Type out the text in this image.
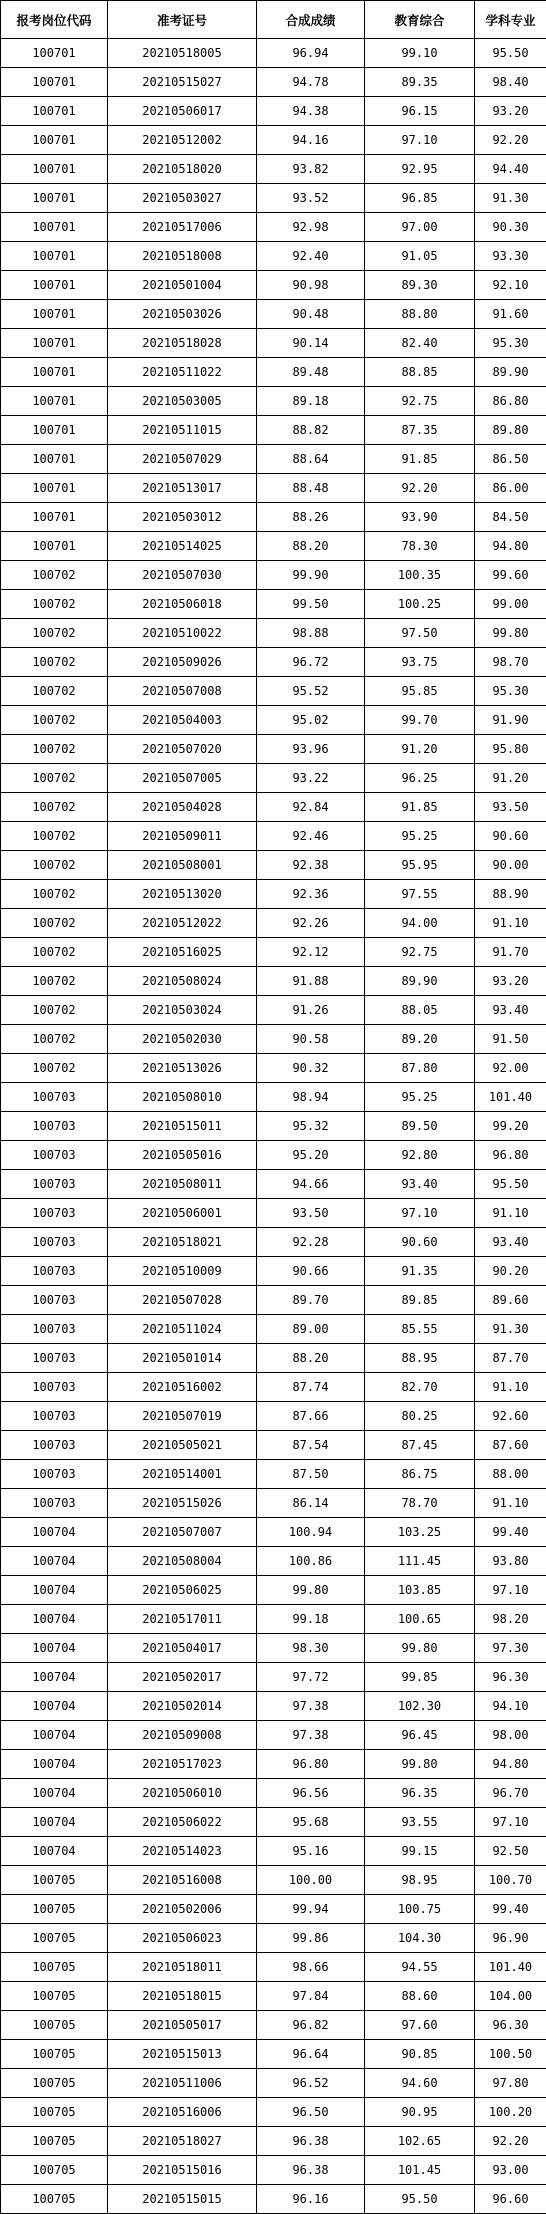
报考岗位代码	准考证号	合成成绩	教育综合	学科专业
100701	20210518005	96.94	99.10	95.50
100701	20210515027	94.78	89.35	98.40
100701	20210506017	94.38	96.15	93.20
100701	20210512002	94.16	97.10	92.20
100701	20210518020	93.82	92.95	94.40
100701	20210503027	93.52	96.85	91.30
100701	20210517006	92.98	97.00	90.30
100701	20210518008	92.40	91.05	93.30
100701	20210501004	90.98	89.30	92.10
100701	20210503026	90.48	88.80	91.60
100701	20210518028	90.14	82.40	95.30
100701	20210511022	89.48	88.85	89.90
100701	20210503005	89.18	92.75	86.80
100701	20210511015	88.82	87.35	89.80
100701	20210507029	88.64	91.85	86.50
100701	20210513017	88.48	92.20	86.00
100701	20210503012	88.26	93.90	84.50
100701	20210514025	88.20	78.30	94.80
100702	20210507030	99.90	100.35	99.60
100702	20210506018	99.50	100.25	99.00
100702	20210510022	98.88	97.50	99.80
100702	20210509026	96.72	93.75	98.70
100702	20210507008	95.52	95.85	95.30
100702	20210504003	95.02	99.70	91.90
100702	20210507020	93.96	91.20	95.80
100702	20210507005	93.22	96.25	91.20
100702	20210504028	92.84	91.85	93.50
100702	20210509011	92.46	95.25	90.60
100702	20210508001	92.38	95.95	90.00
100702	20210513020	92.36	97.55	88.90
100702	20210512022	92.26	94.00	91.10
100702	20210516025	92.12	92.75	91.70
100702	20210508024	91.88	89.90	93.20
100702	20210503024	91.26	88.05	93.40
100702	20210502030	90.58	89.20	91.50
100702	20210513026	90.32	87.80	92.00
100703	20210508010	98.94	95.25	101.40
100703	20210515011	95.32	89.50	99.20
100703	20210505016	95.20	92.80	96.80
100703	20210508011	94.66	93.40	95.50
100703	20210506001	93.50	97.10	91.10
100703	20210518021	92.28	90.60	93.40
100703	20210510009	90.66	91.35	90.20
100703	20210507028	89.70	89.85	89.60
100703	20210511024	89.00	85.55	91.30
100703	20210501014	88.20	88.95	87.70
100703	20210516002	87.74	82.70	91.10
100703	20210507019	87.66	80.25	92.60
100703	20210505021	87.54	87.45	87.60
100703	20210514001	87.50	86.75	88.00
100703	20210515026	86.14	78.70	91.10
100704	20210507007	100.94	103.25	99.40
100704	20210508004	100.86	111.45	93.80
100704	20210506025	99.80	103.85	97.10
100704	20210517011	99.18	100.65	98.20
100704	20210504017	98.30	99.80	97.30
100704	20210502017	97.72	99.85	96.30
100704	20210502014	97.38	102.30	94.10
100704	20210509008	97.38	96.45	98.00
100704	20210517023	96.80	99.80	94.80
100704	20210506010	96.56	96.35	96.70
100704	20210506022	95.68	93.55	97.10
100704	20210514023	95.16	99.15	92.50
100705	20210516008	100.00	98.95	100.70
100705	20210502006	99.94	100.75	99.40
100705	20210506023	99.86	104.30	96.90
100705	20210518011	98.66	94.55	101.40
100705	20210518015	97.84	88.60	104.00
100705	20210505017	96.82	97.60	96.30
100705	20210515013	96.64	90.85	100.50
100705	20210511006	96.52	94.60	97.80
100705	20210516006	96.50	90.95	100.20
100705	20210518027	96.38	102.65	92.20
100705	20210515016	96.38	101.45	93.00
100705	20210515015	96.16	95.50	96.60
